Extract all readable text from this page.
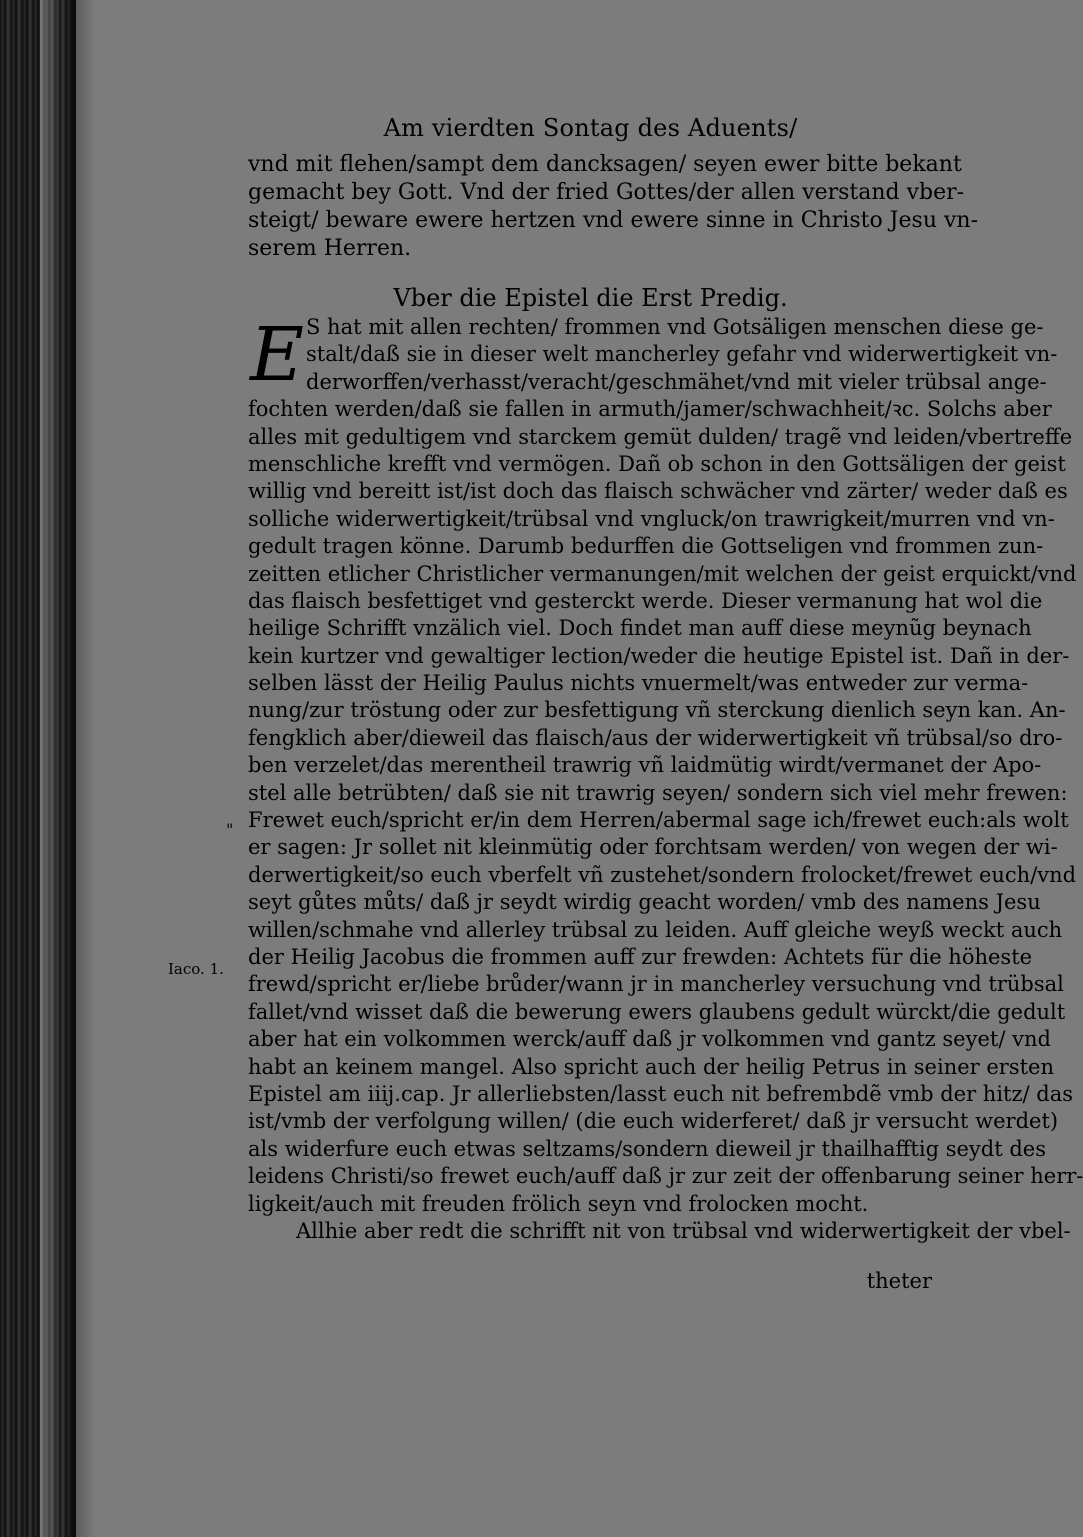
Am vierdten Sontag des Aduents/
vnd mit flehen/sampt dem dancksagen/ seyen ewer bitte bekant
gemacht bey Gott. Vnd der fried Gottes/der allen verstand vber-
steigt/ beware ewere hertzen vnd ewere sinne in Christo Jesu vn-
serem Herren.
Vber die Epistel die Erst Predig.
E
"
Iaco. 1.
S hat mit allen rechten/ frommen vnd Gotsäligen menschen diese ge-
stalt/daß sie in dieser welt mancherley gefahr vnd widerwertigkeit vn-
derworffen/verhasst/veracht/geschmähet/vnd mit vieler trübsal ange-
fochten werden/daß sie fallen in armuth/jamer/schwachheit/ꝛc. Solchs aber
alles mit gedultigem vnd starckem gemüt dulden/ tragẽ vnd leiden/vbertreffe
menschliche krefft vnd vermögen. Dañ ob schon in den Gottsäligen der geist
willig vnd bereitt ist/ist doch das flaisch schwächer vnd zärter/ weder daß es
solliche widerwertigkeit/trübsal vnd vngluck/on trawrigkeit/murren vnd vn-
gedult tragen könne. Darumb bedurffen die Gottseligen vnd frommen zun-
zeitten etlicher Christlicher vermanungen/mit welchen der geist erquickt/vnd
das flaisch besfettiget vnd gesterckt werde. Dieser vermanung hat wol die
heilige Schrifft vnzälich viel. Doch findet man auff diese meynũg beynach
kein kurtzer vnd gewaltiger lection/weder die heutige Epistel ist. Dañ in der-
selben lässt der Heilig Paulus nichts vnuermelt/was entweder zur verma-
nung/zur tröstung oder zur besfettigung vñ sterckung dienlich seyn kan. An-
fengklich aber/dieweil das flaisch/aus der widerwertigkeit vñ trübsal/so dro-
ben verzelet/das merentheil trawrig vñ laidmütig wirdt/vermanet der Apo-
stel alle betrübten/ daß sie nit trawrig seyen/ sondern sich viel mehr frewen:
Frewet euch/spricht er/in dem Herren/abermal sage ich/frewet euch:als wolt
er sagen: Jr sollet nit kleinmütig oder forchtsam werden/ von wegen der wi-
derwertigkeit/so euch vberfelt vñ zustehet/sondern frolocket/frewet euch/vnd
seyt gůtes můts/ daß jr seydt wirdig geacht worden/ vmb des namens Jesu
willen/schmahe vnd allerley trübsal zu leiden. Auff gleiche weyß weckt auch
der Heilig Jacobus die frommen auff zur frewden: Achtets für die höheste
frewd/spricht er/liebe brůder/wann jr in mancherley versuchung vnd trübsal
fallet/vnd wisset daß die bewerung ewers glaubens gedult würckt/die gedult
aber hat ein volkommen werck/auff daß jr volkommen vnd gantz seyet/ vnd
habt an keinem mangel. Also spricht auch der heilig Petrus in seiner ersten
Epistel am iiij.cap. Jr allerliebsten/lasst euch nit befrembdẽ vmb der hitz/ das
ist/vmb der verfolgung willen/ (die euch widerferet/ daß jr versucht werdet)
als widerfure euch etwas seltzams/sondern dieweil jr thailhafftig seydt des
leidens Christi/so frewet euch/auff daß jr zur zeit der offenbarung seiner herr-
ligkeit/auch mit freuden frölich seyn vnd frolocken mocht.
Allhie aber redt die schrifft nit von trübsal vnd widerwertigkeit der vbel-
theter
